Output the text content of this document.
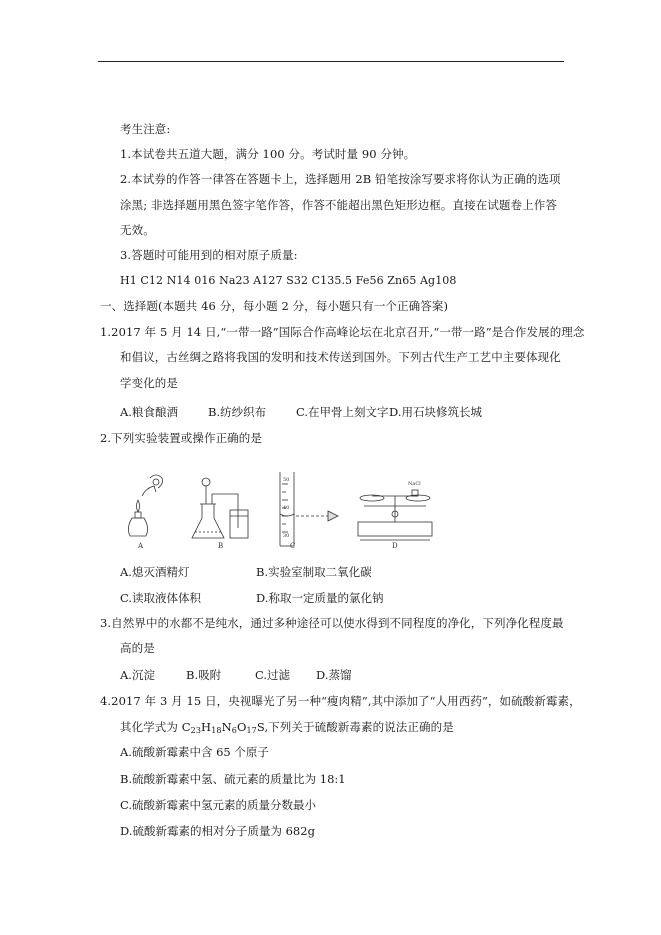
考生注意:
1.本试卷共五道大题，满分 100 分。考试时量 90 分钟。
2.本试券的作答一律答在答题卡上，选择题用 2B 铅笔按涂写要求将你认为正确的选项
涂黑; 非选择题用黑色签字笔作答，作答不能超出黑色矩形边框。直接在试题卷上作答
无效。
3.答题时可能用到的相对原子质量:
H1 C12 N14 016 Na23 A127 S32 C135.5 Fe56 Zn65 Ag108
一、选择题(本题共 46 分，每小题 2 分，每小题只有一个正确答案)
1.2017 年 5 月 14 日,“一带一路”国际合作高峰论坛在北京召开,“一带一路”是合作发展的理念
和倡议，古丝绸之路将我国的发明和技术传送到国外。下列古代生产工艺中主要体现化
学变化的是
A.粮食酿酒	B.纺纱织布	C.在甲骨上刻文字 D.用石块修筑长城
2.下列实验装置或操作正确的是
A	B	C	D
50
40
30
NaCl
A.熄灭酒精灯	B.实验室制取二氧化碳
C.读取液体体积	D.称取一定质量的氯化钠
3.自然界中的水都不是纯水，通过多种途径可以使水得到不同程度的净化，下列净化程度最
高的是
A.沉淀	B.吸附	C.过滤 D.蒸馏
4.2017 年 3 月 15 日，央视曝光了另一种“瘦肉精”,其中添加了“人用西药”，如硫酸新霉素，
其化学式为 $C_{23}H_{18}N_6O_{17}S$,下列关于硫酸新毒素的说法正确的是
A.硫酸新霉素中含 65 个原子
B.硫酸新霉素中氢、硫元素的质量比为 18:1
C.硫酸新霉素中氢元素的质量分数最小
D.硫酸新霉素的相对分子质量为 682g
